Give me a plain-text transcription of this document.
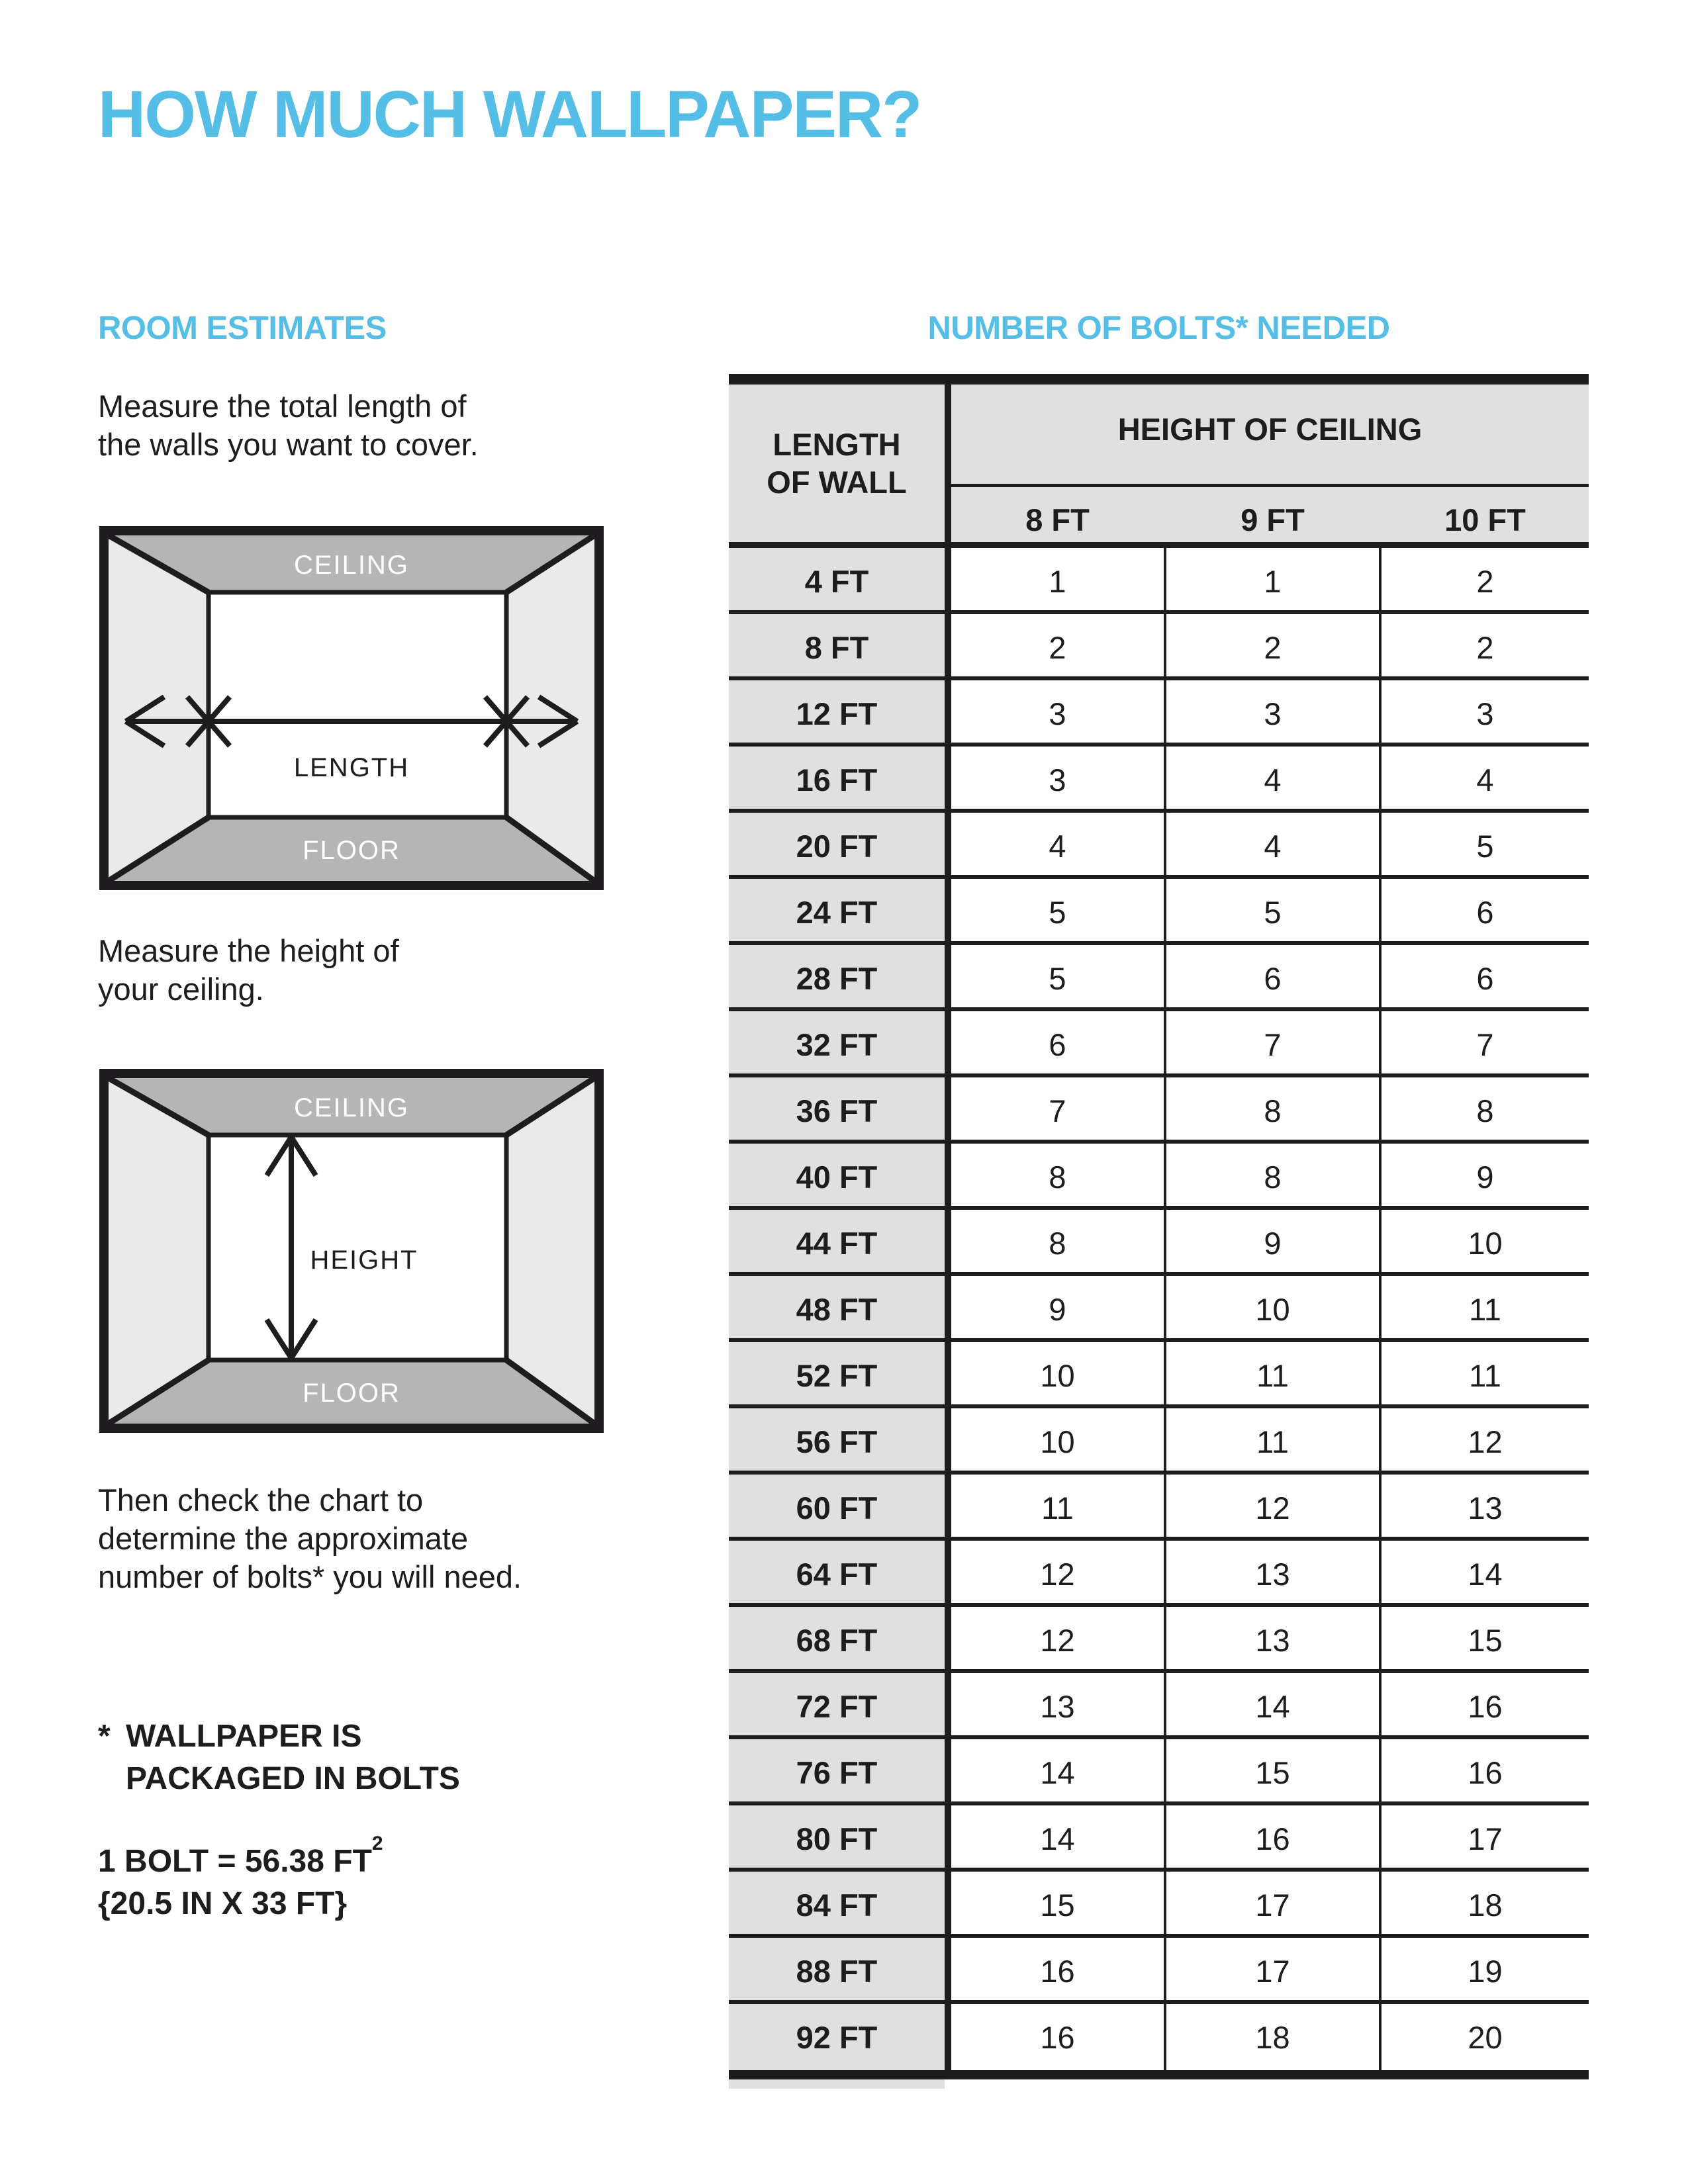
HOW MUCH WALLPAPER?
ROOM ESTIMATES	NUMBER OF BOLTS* NEEDED
Measure the total length of
the walls you want to cover.
CEILING
FLOOR
LENGTH
Measure the height of
your ceiling.
CEILING
FLOOR
HEIGHT
Then check the chart to
determine the approximate
number of bolts* you will need.
* WALLPAPER IS
PACKAGED IN BOLTS
1 BOLT = 56.38 $FT^2$
{20.5 IN X 33 FT}
LENGTH
OF WALL
HEIGHT OF CEILING
8 FT	9 FT	10 FT
4 FT	1	1	2
8 FT	2	2	2
12 FT	3	3	3
16 FT	3	4	4
20 FT	4	4	5
24 FT	5	5	6
28 FT	5	6	6
32 FT	6	7	7
36 FT	7	8	8
40 FT	8	8	9
44 FT	8	9	10
48 FT	9	10	11
52 FT	10	11	11
56 FT	10	11	12
60 FT	11	12	13
64 FT	12	13	14
68 FT	12	13	15
72 FT	13	14	16
76 FT	14	15	16
80 FT	14	16	17
84 FT	15	17	18
88 FT	16	17	19
92 FT	16	18	20
